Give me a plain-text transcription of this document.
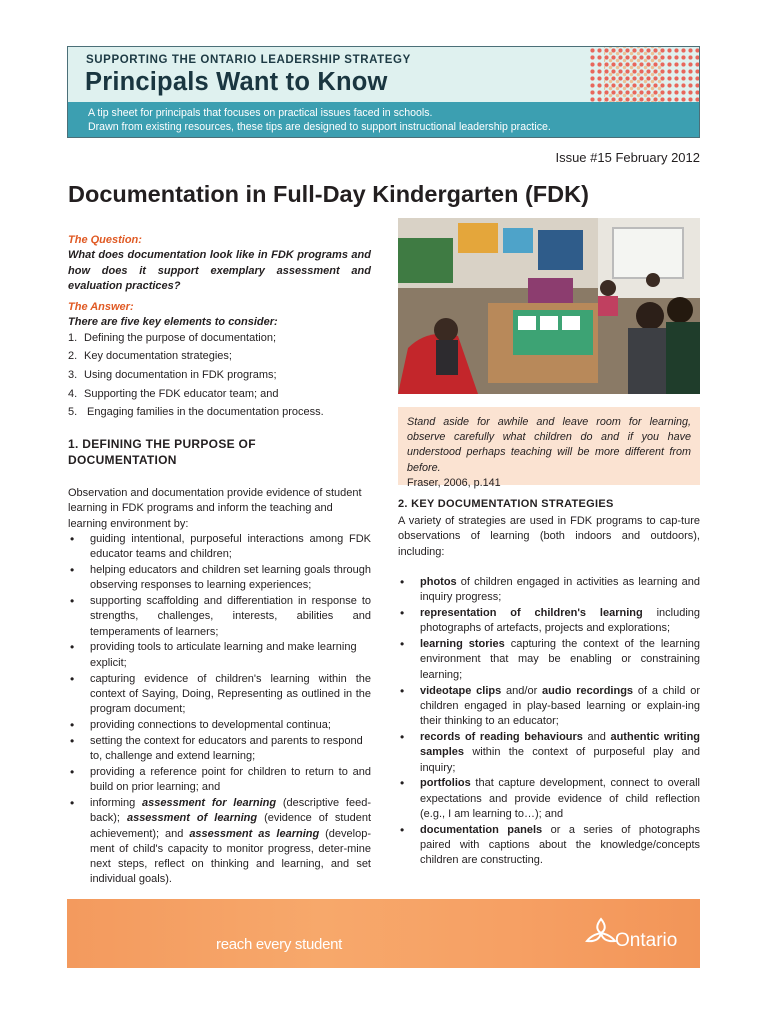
SUPPORTING THE ONTARIO LEADERSHIP STRATEGY
Principals Want to Know
A tip sheet for principals that focuses on practical issues faced in schools.
Drawn from existing resources, these tips are designed to support instructional leadership practice.
Issue #15 February 2012
Documentation in Full-Day Kindergarten (FDK)
The Question:
What does documentation look like in FDK programs and how does it support exemplary assessment and evaluation practices?
The Answer:
There are five key elements to consider:
1. Defining the purpose of documentation;
2. Key documentation strategies;
3. Using documentation in FDK programs;
4. Supporting the FDK educator team; and
5. Engaging families in the documentation process.
1. DEFINING THE PURPOSE OF DOCUMENTATION
Observation and documentation provide evidence of student learning in FDK programs and inform the teaching and learning environment by:
• guiding intentional, purposeful interactions among FDK educator teams and children;
• helping educators and children set learning goals through observing responses to learning experiences;
• supporting scaffolding and differentiation in response to strengths, challenges, interests, abilities and temperaments of learners;
• providing tools to articulate learning and make learning explicit;
• capturing evidence of children's learning within the context of Saying, Doing, Representing as outlined in the program document;
• providing connections to developmental continua;
• setting the context for educators and parents to respond to, challenge and extend learning;
• providing a reference point for children to return to and build on prior learning; and
• informing assessment for learning (descriptive feed-back); assessment of learning (evidence of student achievement); and assessment as learning (develop-ment of child's capacity to monitor progress, deter-mine next steps, reflect on thinking and learning, and set individual goals).
Stand aside for awhile and leave room for learning, observe carefully what children do and if you have understood perhaps teaching will be more different from before.
Fraser, 2006, p.141
2. KEY DOCUMENTATION STRATEGIES
A variety of strategies are used in FDK programs to cap-ture observations of learning (both indoors and outdoors), including:
• photos of children engaged in activities as learning and inquiry progress;
• representation of children's learning including photographs of artefacts, projects and explorations;
• learning stories capturing the context of the learning environment that may be enabling or constraining learning;
• videotape clips and/or audio recordings of a child or children engaged in play-based learning or explain-ing their thinking to an educator;
• records of reading behaviours and authentic writing samples within the context of purposeful play and inquiry;
• portfolios that capture development, connect to overall expectations and provide evidence of child reflection (e.g., I am learning to…); and
• documentation panels or a series of photographs paired with captions about the knowledge/concepts children are constructing.
reach every student	Ontario
